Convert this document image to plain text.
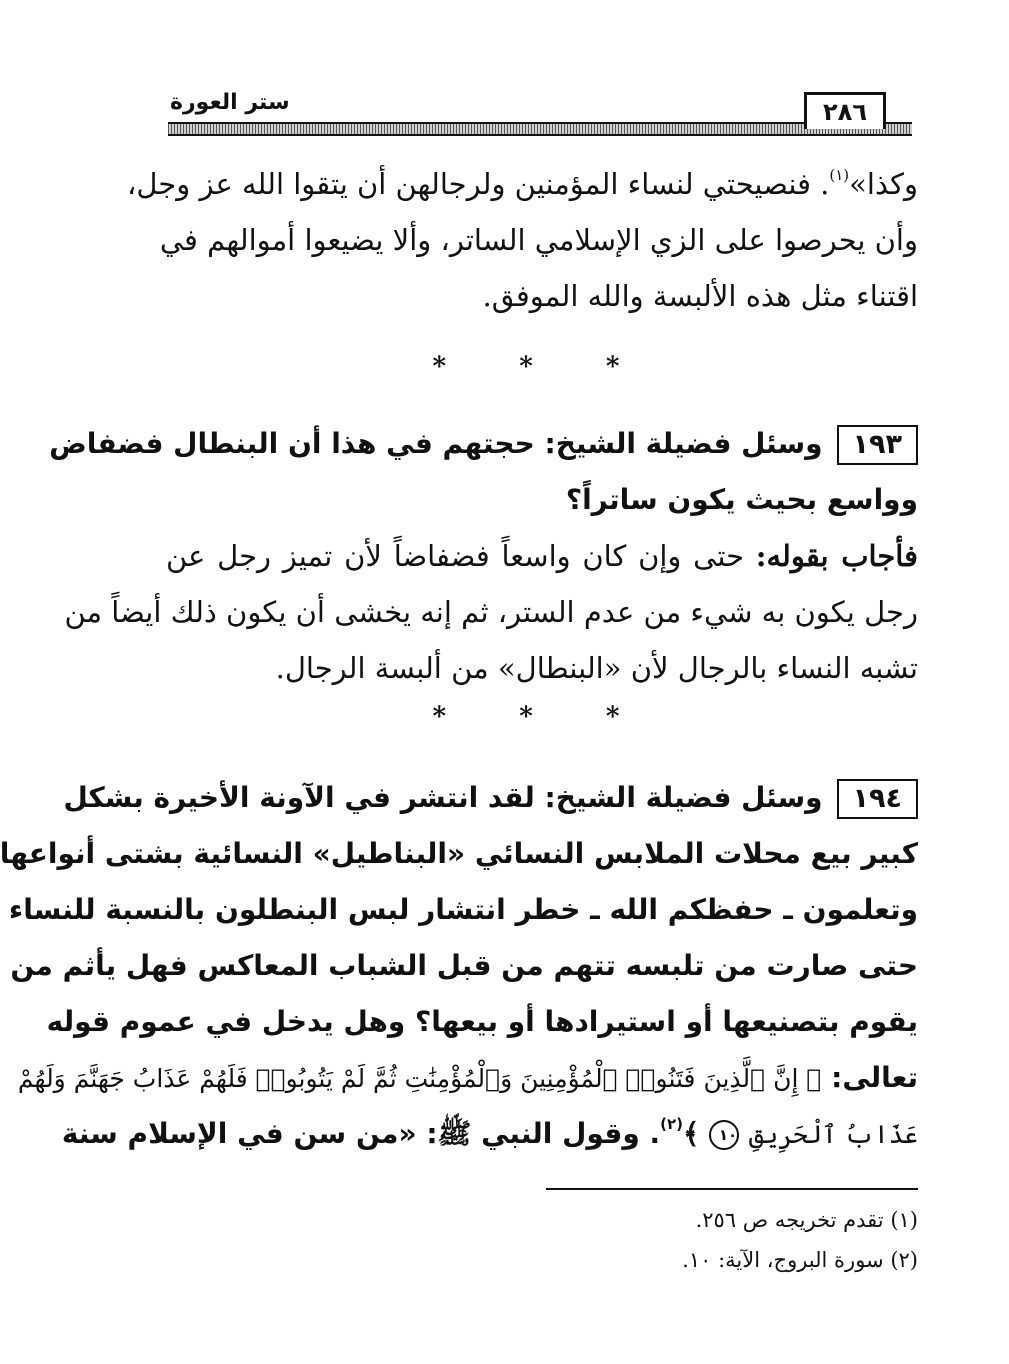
٢٨٦
ستر العورة
وكذا»$^{(١)}$. فنصيحتي لنساء المؤمنين ولرجالهن أن يتقوا الله عز وجل،
وأن يحرصوا على الزي الإسلامي الساتر، وألا يضيعوا أموالهم في
اقتناء مثل هذه الألبسة والله الموفق.
* * *
١٩٣وسئل فضيلة الشيخ: حجتهم في هذا أن البنطال فضفاض
وواسع بحيث يكون ساتراً؟
فأجاب بقوله: حتى وإن كان واسعاً فضفاضاً لأن تميز رجل عن
رجل يكون به شيء من عدم الستر، ثم إنه يخشى أن يكون ذلك أيضاً من
تشبه النساء بالرجال لأن «البنطال» من ألبسة الرجال.
* * *
١٩٤وسئل فضيلة الشيخ: لقد انتشر في الآونة الأخيرة بشكل
كبير بيع محلات الملابس النسائي «البناطيل» النسائية بشتى أنواعها
وتعلمون ـ حفظكم الله ـ خطر انتشار لبس البنطلون بالنسبة للنساء
حتى صارت من تلبسه تتهم من قبل الشباب المعاكس فهل يأثم من
يقوم بتصنيعها أو استيرادها أو بيعها؟ وهل يدخل في عموم قوله
تعالى: ﴿ إِنَّ ٱلَّذِينَ فَتَنُوا۟ ٱلْمُؤْمِنِينَ وَٱلْمُؤْمِنَٰتِ ثُمَّ لَمْ يَتُوبُوا۟ فَلَهُمْ عَذَابُ جَهَنَّمَ وَلَهُمْ
عَذَابُ ٱلْحَرِيقِ ١٠ ﴾$^{(٢)}$. وقول النبي ﷺ: «من سن في الإسلام سنة
(١) تقدم تخريجه ص ٢٥٦.
(٢) سورة البروج، الآية: ١٠.
